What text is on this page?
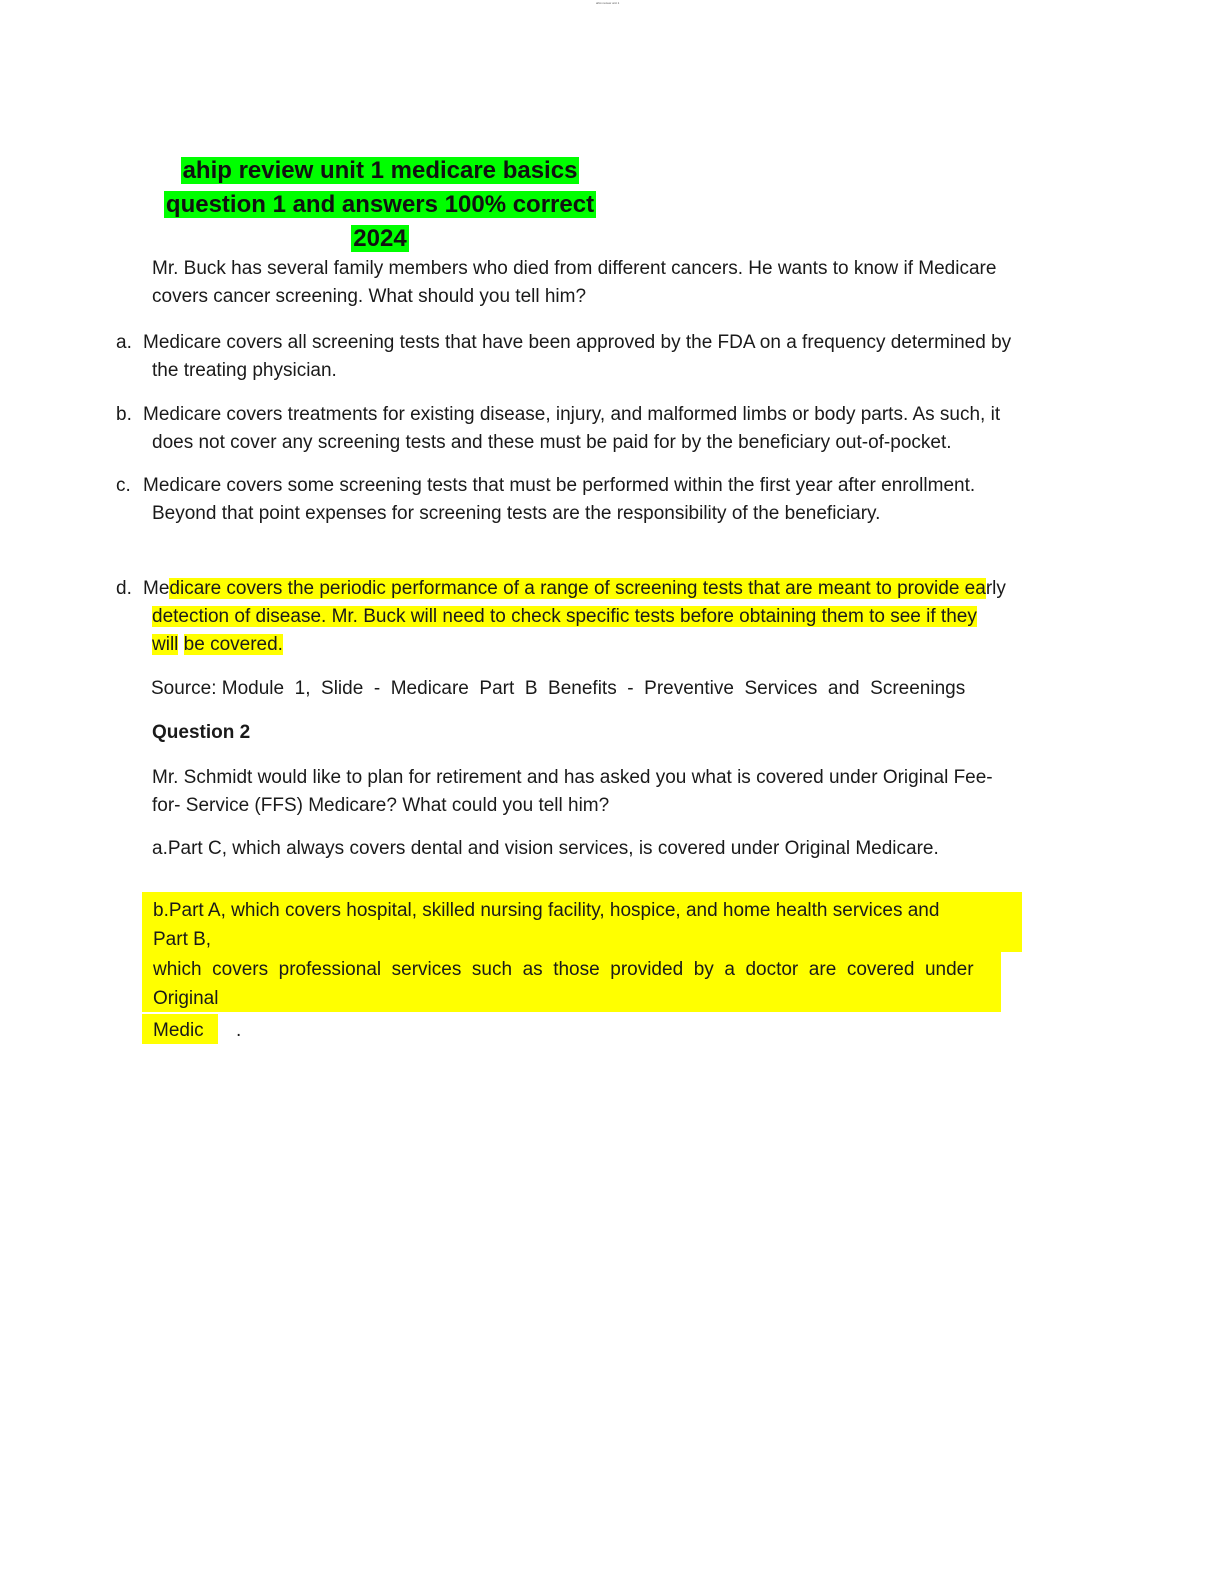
ahip review unit 1
ahip review unit 1 medicare basics
question 1 and answers 100% correct
2024
Mr. Buck has several family members who died from different cancers. He wants to know if Medicare
covers cancer screening. What should you tell him?
a. Medicare covers all screening tests that have been approved by the FDA on a frequency determined by
the treating physician.
b. Medicare covers treatments for existing disease, injury, and malformed limbs or body parts. As such, it
does not cover any screening tests and these must be paid for by the beneficiary out-of-pocket.
c. Medicare covers some screening tests that must be performed within the first year after enrollment.
Beyond that point expenses for screening tests are the responsibility of the beneficiary.
d. Medicare covers the periodic performance of a range of screening tests that are meant to provide early
detection of disease. Mr. Buck will need to check specific tests before obtaining them to see if they
will be covered.
Source: Module  1,  Slide  -  Medicare  Part  B  Benefits  -  Preventive  Services  and  Screenings
Question 2
Mr. Schmidt would like to plan for retirement and has asked you what is covered under Original Fee-
for- Service (FFS) Medicare? What could you tell him?
a.Part C, which always covers dental and vision services, is covered under Original Medicare.
b.Part A, which covers hospital, skilled nursing facility, hospice, and home health services and
Part B,
which  covers  professional  services  such  as  those  provided  by  a  doctor  are  covered  under
Original
Medic .
